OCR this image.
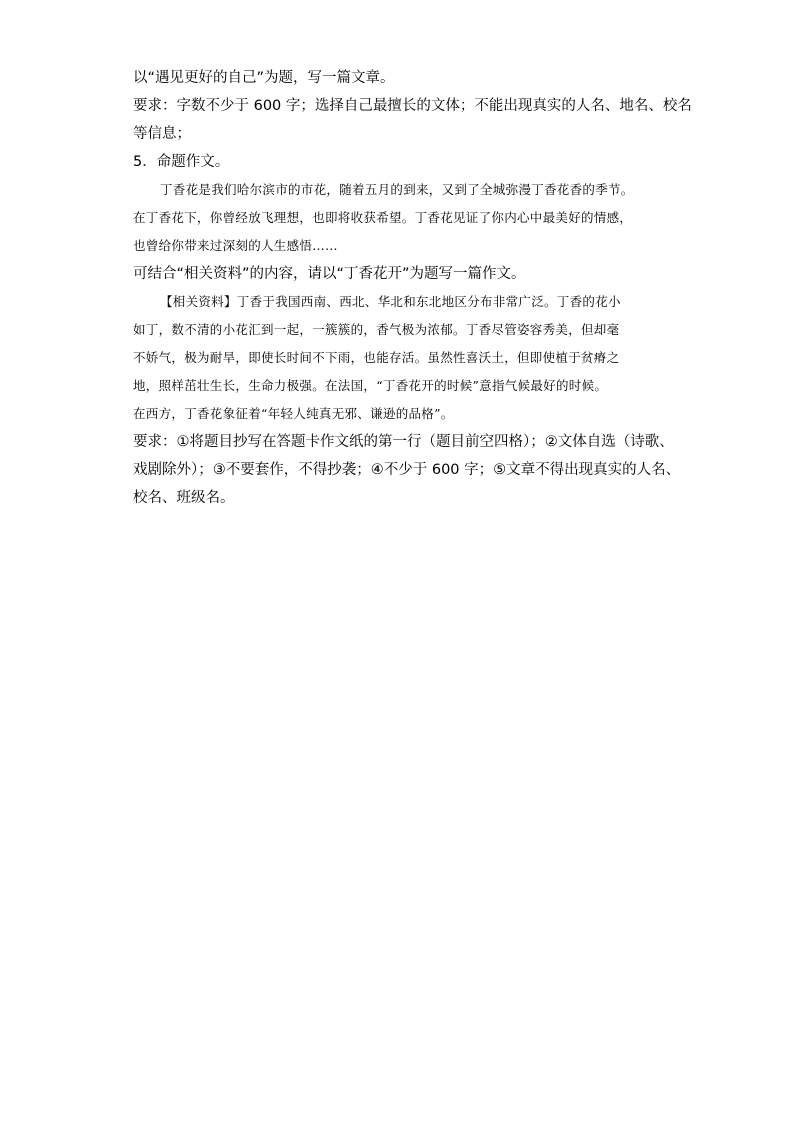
以“遇见更好的自己”为题，写一篇文章。

要求：字数不少于 600 字；选择自己最擅长的文体；不能出现真实的人名、地名、校名

等信息；

5．命题作文。

丁香花是我们哈尔滨市的市花，随着五月的到来，又到了全城弥漫丁香花香的季节。

在丁香花下，你曾经放飞理想，也即将收获希望。丁香花见证了你内心中最美好的情感，

也曾给你带来过深刻的人生感悟……

可结合“相关资料”的内容，请以“丁香花开”为题写一篇作文。

【相关资料】丁香于我国西南、西北、华北和东北地区分布非常广泛。丁香的花小

如丁，数不清的小花汇到一起，一簇簇的，香气极为浓郁。丁香尽管姿容秀美，但却毫

不娇气，极为耐旱，即使长时间不下雨，也能存活。虽然性喜沃土，但即使植于贫瘠之

地，照样茁壮生长，生命力极强。在法国，“丁香花开的时候”意指气候最好的时候。

在西方，丁香花象征着“年轻人纯真无邪、谦逊的品格”。

要求：①将题目抄写在答题卡作文纸的第一行（题目前空四格）；②文体自选（诗歌、

戏剧除外）；③不要套作，不得抄袭；④不少于 600 字；⑤文章不得出现真实的人名、

校名、班级名。
